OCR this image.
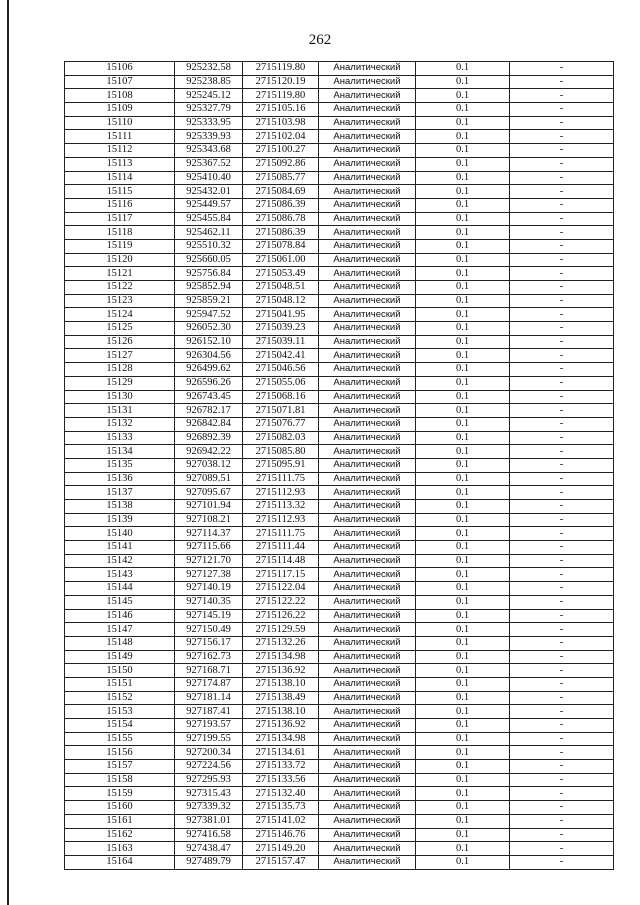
262
15106	925232.58	2715119.80	Аналитический	0.1	-
15107	925238.85	2715120.19	Аналитический	0.1	-
15108	925245.12	2715119.80	Аналитический	0.1	-
15109	925327.79	2715105.16	Аналитический	0.1	-
15110	925333.95	2715103.98	Аналитический	0.1	-
15111	925339.93	2715102.04	Аналитический	0.1	-
15112	925343.68	2715100.27	Аналитический	0.1	-
15113	925367.52	2715092.86	Аналитический	0.1	-
15114	925410.40	2715085.77	Аналитический	0.1	-
15115	925432.01	2715084.69	Аналитический	0.1	-
15116	925449.57	2715086.39	Аналитический	0.1	-
15117	925455.84	2715086.78	Аналитический	0.1	-
15118	925462.11	2715086.39	Аналитический	0.1	-
15119	925510.32	2715078.84	Аналитический	0.1	-
15120	925660.05	2715061.00	Аналитический	0.1	-
15121	925756.84	2715053.49	Аналитический	0.1	-
15122	925852.94	2715048.51	Аналитический	0.1	-
15123	925859.21	2715048.12	Аналитический	0.1	-
15124	925947.52	2715041.95	Аналитический	0.1	-
15125	926052.30	2715039.23	Аналитический	0.1	-
15126	926152.10	2715039.11	Аналитический	0.1	-
15127	926304.56	2715042.41	Аналитический	0.1	-
15128	926499.62	2715046.56	Аналитический	0.1	-
15129	926596.26	2715055.06	Аналитический	0.1	-
15130	926743.45	2715068.16	Аналитический	0.1	-
15131	926782.17	2715071.81	Аналитический	0.1	-
15132	926842.84	2715076.77	Аналитический	0.1	-
15133	926892.39	2715082.03	Аналитический	0.1	-
15134	926942.22	2715085.80	Аналитический	0.1	-
15135	927038.12	2715095.91	Аналитический	0.1	-
15136	927089.51	2715111.75	Аналитический	0.1	-
15137	927095.67	2715112.93	Аналитический	0.1	-
15138	927101.94	2715113.32	Аналитический	0.1	-
15139	927108.21	2715112.93	Аналитический	0.1	-
15140	927114.37	2715111.75	Аналитический	0.1	-
15141	927115.66	2715111.44	Аналитический	0.1	-
15142	927121.70	2715114.48	Аналитический	0.1	-
15143	927127.38	2715117.15	Аналитический	0.1	-
15144	927140.19	2715122.04	Аналитический	0.1	-
15145	927140.35	2715122.22	Аналитический	0.1	-
15146	927145.19	2715126.22	Аналитический	0.1	-
15147	927150.49	2715129.59	Аналитический	0.1	-
15148	927156.17	2715132.26	Аналитический	0.1	-
15149	927162.73	2715134.98	Аналитический	0.1	-
15150	927168.71	2715136.92	Аналитический	0.1	-
15151	927174.87	2715138.10	Аналитический	0.1	-
15152	927181.14	2715138.49	Аналитический	0.1	-
15153	927187.41	2715138.10	Аналитический	0.1	-
15154	927193.57	2715136.92	Аналитический	0.1	-
15155	927199.55	2715134.98	Аналитический	0.1	-
15156	927200.34	2715134.61	Аналитический	0.1	-
15157	927224.56	2715133.72	Аналитический	0.1	-
15158	927295.93	2715133.56	Аналитический	0.1	-
15159	927315.43	2715132.40	Аналитический	0.1	-
15160	927339.32	2715135.73	Аналитический	0.1	-
15161	927381.01	2715141.02	Аналитический	0.1	-
15162	927416.58	2715146.76	Аналитический	0.1	-
15163	927438.47	2715149.20	Аналитический	0.1	-
15164	927489.79	2715157.47	Аналитический	0.1	-
